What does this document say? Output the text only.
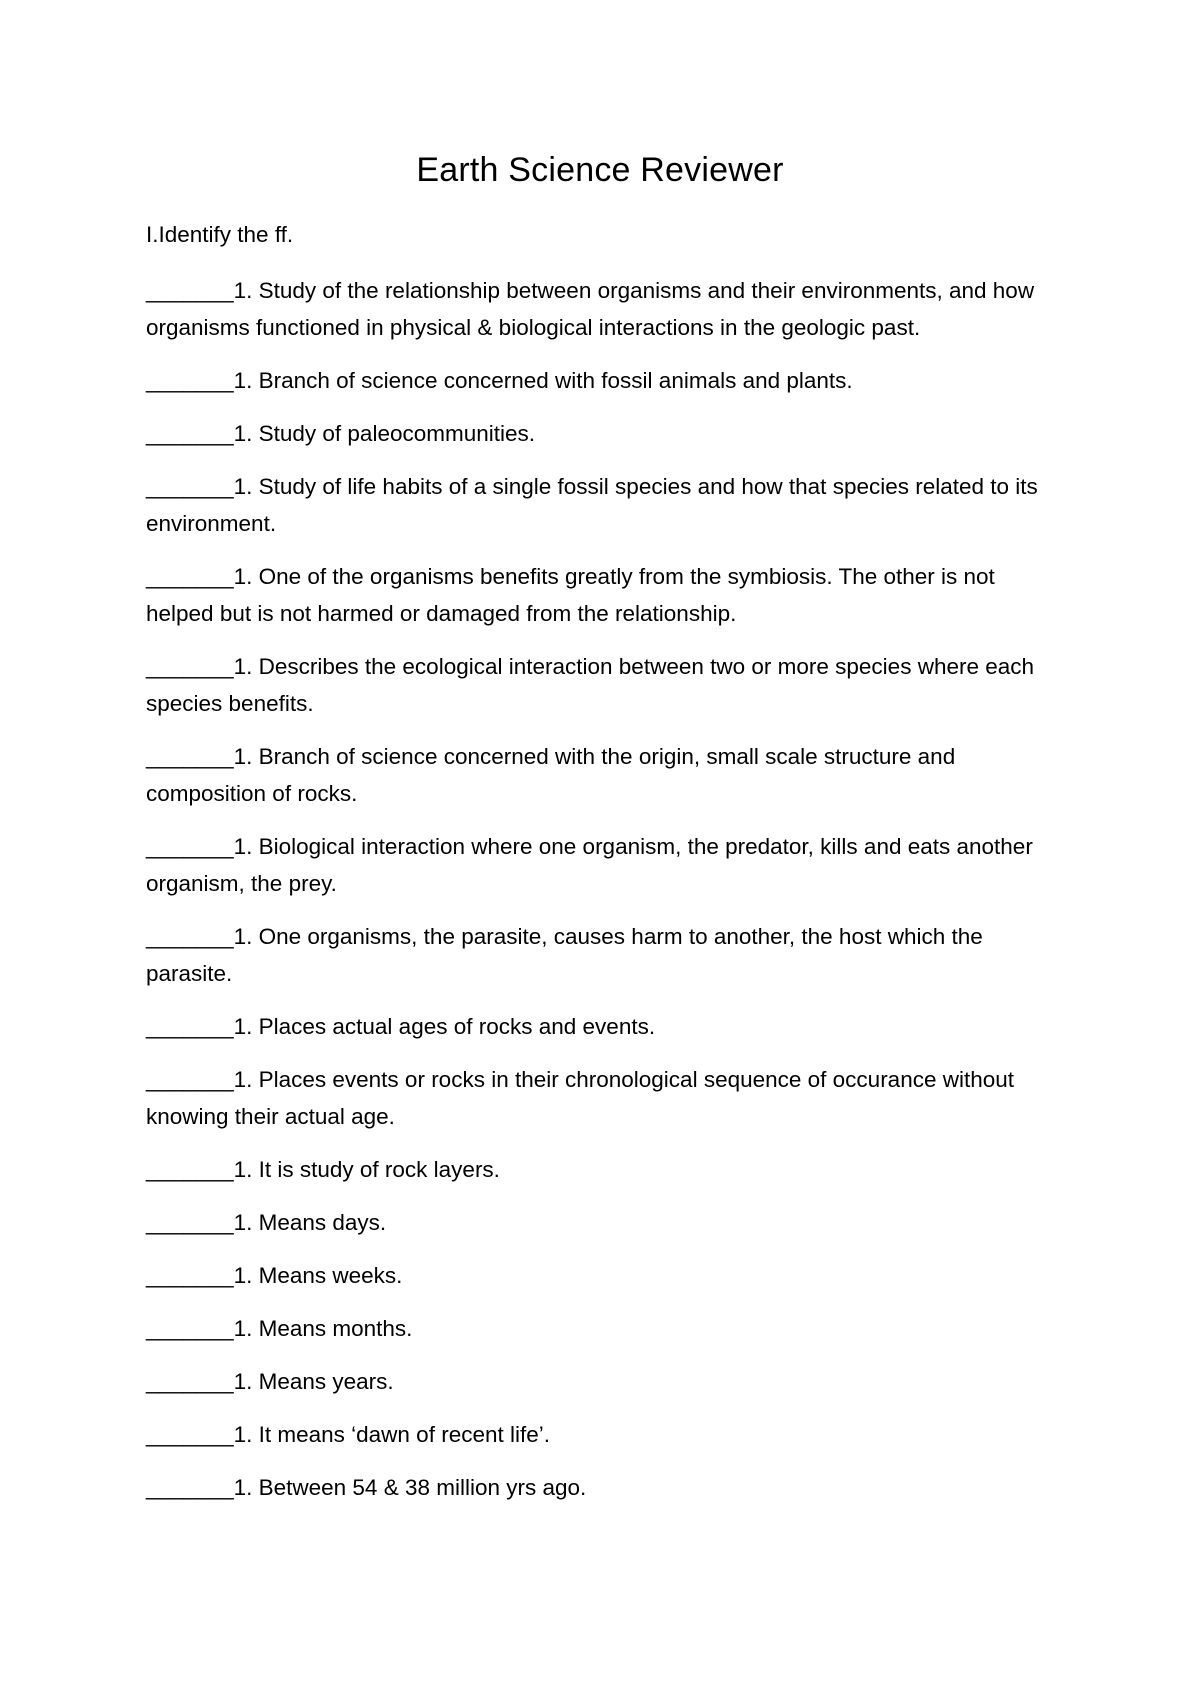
Earth Science Reviewer
I.Identify the ff.
_______1. Study of the relationship between organisms and their environments, and how organisms functioned in physical & biological interactions in the geologic past.
_______1. Branch of science concerned with fossil animals and plants.
_______1. Study of paleocommunities.
_______1. Study of life habits of a single fossil species and how that species related to its environment.
_______1. One of the organisms benefits greatly from the symbiosis. The other is not helped but is not harmed or damaged from the relationship.
_______1. Describes the ecological interaction between two or more species where each species benefits.
_______1. Branch of science concerned with the origin, small scale structure and composition of rocks.
_______1. Biological interaction where one organism, the predator, kills and eats another organism, the prey.
_______1. One organisms, the parasite, causes harm to another, the host which the parasite.
_______1. Places actual ages of rocks and events.
_______1. Places events or rocks in their chronological sequence of occurance without knowing their actual age.
_______1. It is study of rock layers.
_______1. Means days.
_______1. Means weeks.
_______1. Means months.
_______1. Means years.
_______1. It means ‘dawn of recent life’.
_______1. Between 54 & 38 million yrs ago.
